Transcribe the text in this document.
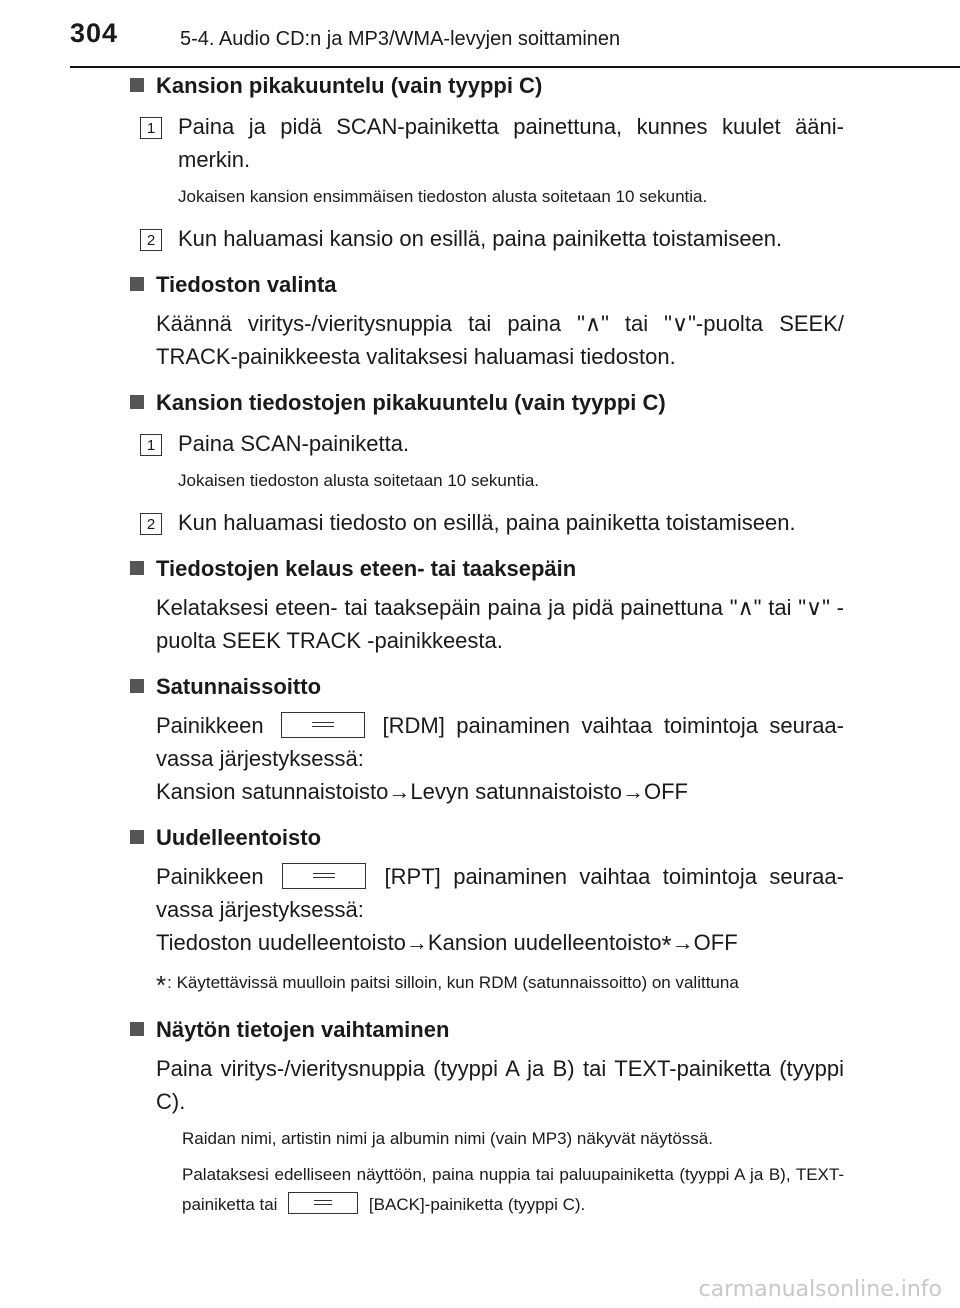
304	5-4. Audio CD:n ja MP3/WMA-levyjen soittaminen
Kansion pikakuuntelu (vain tyyppi C)
1	Paina ja pidä SCAN-painiketta painettuna, kunnes kuulet ääni-merkin.
Jokaisen kansion ensimmäisen tiedoston alusta soitetaan 10 sekuntia.
2	Kun haluamasi kansio on esillä, paina painiketta toistamiseen.
Tiedoston valinta
Käännä viritys-/vieritysnuppia tai paina "∧" tai "∨"-puolta SEEK/ TRACK-painikkeesta valitaksesi haluamasi tiedoston.
Kansion tiedostojen pikakuuntelu (vain tyyppi C)
1	Paina SCAN-painiketta.
Jokaisen tiedoston alusta soitetaan 10 sekuntia.
2	Kun haluamasi tiedosto on esillä, paina painiketta toistamiseen.
Tiedostojen kelaus eteen- tai taaksepäin
Kelataksesi eteen- tai taaksepäin paina ja pidä painettuna "∧" tai "∨" -puolta SEEK TRACK -painikkeesta.
Satunnaissoitto
Painikkeen	[RDM] painaminen vaihtaa toimintoja seuraa-vassa järjestyksessä:
Kansion satunnaistoisto→Levyn satunnaistoisto→OFF
Uudelleentoisto
Painikkeen	[RPT] painaminen vaihtaa toimintoja seuraa-vassa järjestyksessä:
Tiedoston uudelleentoisto→Kansion uudelleentoisto*→OFF
*: Käytettävissä muulloin paitsi silloin, kun RDM (satunnaissoitto) on valittuna
Näytön tietojen vaihtaminen
Paina viritys-/vieritysnuppia (tyyppi A ja B) tai TEXT-painiketta (tyyppi C).
Raidan nimi, artistin nimi ja albumin nimi (vain MP3) näkyvät näytössä.
Palataksesi edelliseen näyttöön, paina nuppia tai paluupainiketta (tyyppi A ja B), TEXT-painiketta tai	[BACK]-painiketta (tyyppi C).
carmanualsonline.info
